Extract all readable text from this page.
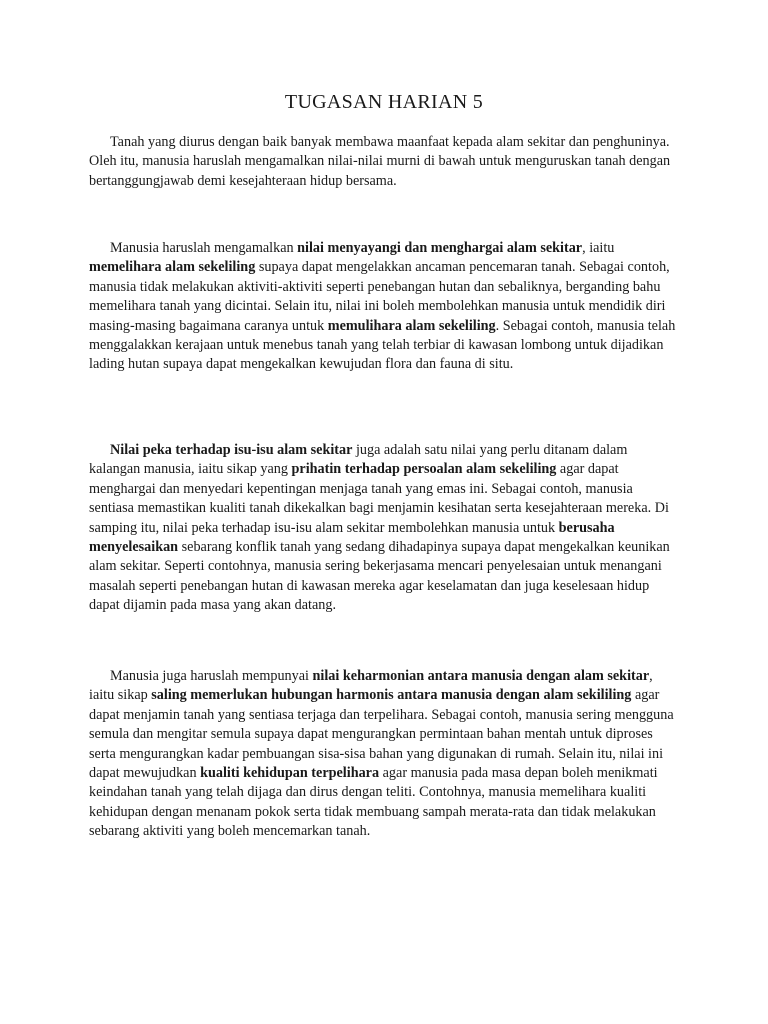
TUGASAN HARIAN 5

Tanah yang diurus dengan baik banyak membawa maanfaat kepada alam sekitar dan penghuninya. Oleh itu, manusia haruslah mengamalkan nilai-nilai murni di bawah untuk menguruskan tanah dengan bertanggungjawab demi kesejahteraan hidup bersama.

Manusia haruslah mengamalkan nilai menyayangi dan menghargai alam sekitar, iaitu memelihara alam sekeliling supaya dapat mengelakkan ancaman pencemaran tanah. Sebagai contoh, manusia tidak melakukan aktiviti-aktiviti seperti penebangan hutan dan sebaliknya, berganding bahu memelihara tanah yang dicintai. Selain itu, nilai ini boleh membolehkan manusia untuk mendidik diri masing-masing bagaimana caranya untuk memulihara alam sekeliling. Sebagai contoh, manusia telah menggalakkan kerajaan untuk menebus tanah yang telah terbiar di kawasan lombong untuk dijadikan lading hutan supaya dapat mengekalkan kewujudan flora dan fauna di situ.

Nilai peka terhadap isu-isu alam sekitar juga adalah satu nilai yang perlu ditanam dalam kalangan manusia, iaitu sikap yang prihatin terhadap persoalan alam sekeliling agar dapat menghargai dan menyedari kepentingan menjaga tanah yang emas ini. Sebagai contoh, manusia sentiasa memastikan kualiti tanah dikekalkan bagi menjamin kesihatan serta kesejahteraan mereka. Di samping itu, nilai peka terhadap isu-isu alam sekitar membolehkan manusia untuk berusaha menyelesaikan sebarang konflik tanah yang sedang dihadapinya supaya dapat mengekalkan keunikan alam sekitar. Seperti contohnya, manusia sering bekerjasama mencari penyelesaian untuk menangani masalah seperti penebangan hutan di kawasan mereka agar keselamatan dan juga keselesaan hidup dapat dijamin pada masa yang akan datang.

Manusia juga haruslah mempunyai nilai keharmonian antara manusia dengan alam sekitar, iaitu sikap saling memerlukan hubungan harmonis antara manusia dengan alam sekililing agar dapat menjamin tanah yang sentiasa terjaga dan terpelihara. Sebagai contoh, manusia sering mengguna semula dan mengitar semula supaya dapat mengurangkan permintaan bahan mentah untuk diproses serta mengurangkan kadar pembuangan sisa-sisa bahan yang digunakan di rumah. Selain itu, nilai ini dapat mewujudkan kualiti kehidupan terpelihara agar manusia pada masa depan boleh menikmati keindahan tanah yang telah dijaga dan dirus dengan teliti. Contohnya, manusia memelihara kualiti kehidupan dengan menanam pokok serta tidak membuang sampah merata-rata dan tidak melakukan sebarang aktiviti yang boleh mencemarkan tanah.
